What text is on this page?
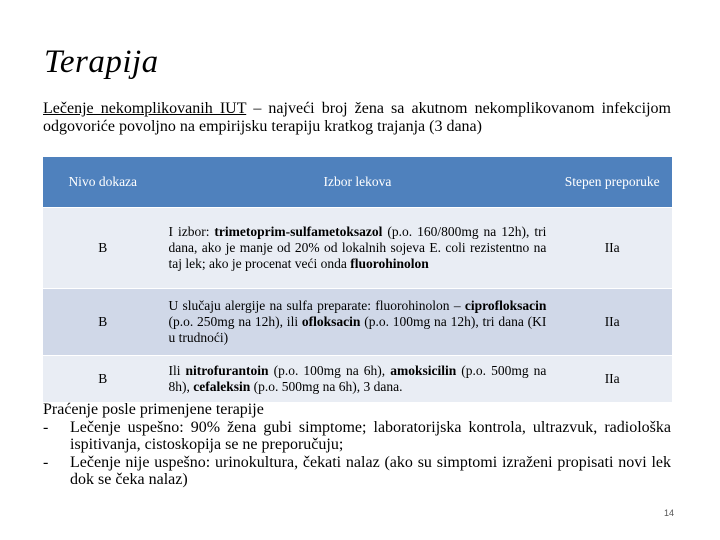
Terapija
Lečenje nekomplikovanih IUT – najveći broj žena sa akutnom nekomplikovanom infekcijom odgovoriće povoljno na empirijsku terapiju kratkog trajanja (3 dana)
Nivo dokaza	Izbor lekova	Stepen preporuke
B	I izbor: trimetoprim-sulfametoksazol (p.o. 160/800mg na 12h), tri dana, ako je manje od 20% od lokalnih sojeva E. coli rezistentno na taj lek; ako je procenat veći onda fluorohinolon	IIa
B	U slučaju alergije na sulfa preparate: fluorohinolon – ciprofloksacin (p.o. 250mg na 12h), ili ofloksacin (p.o. 100mg na 12h), tri dana (KI u trudnoći)	IIa
B	Ili nitrofurantoin (p.o. 100mg na 6h), amoksicilin (p.o. 500mg na 8h), cefaleksin (p.o. 500mg na 6h), 3 dana.	IIa
Praćenje posle primenjene terapije
-	Lečenje uspešno: 90% žena gubi simptome; laboratorijska kontrola, ultrazvuk, radiološka ispitivanja, cistoskopija se ne preporučuju;
-	Lečenje nije uspešno: urinokultura, čekati nalaz (ako su simptomi izraženi propisati novi lek dok se čeka nalaz)
14
